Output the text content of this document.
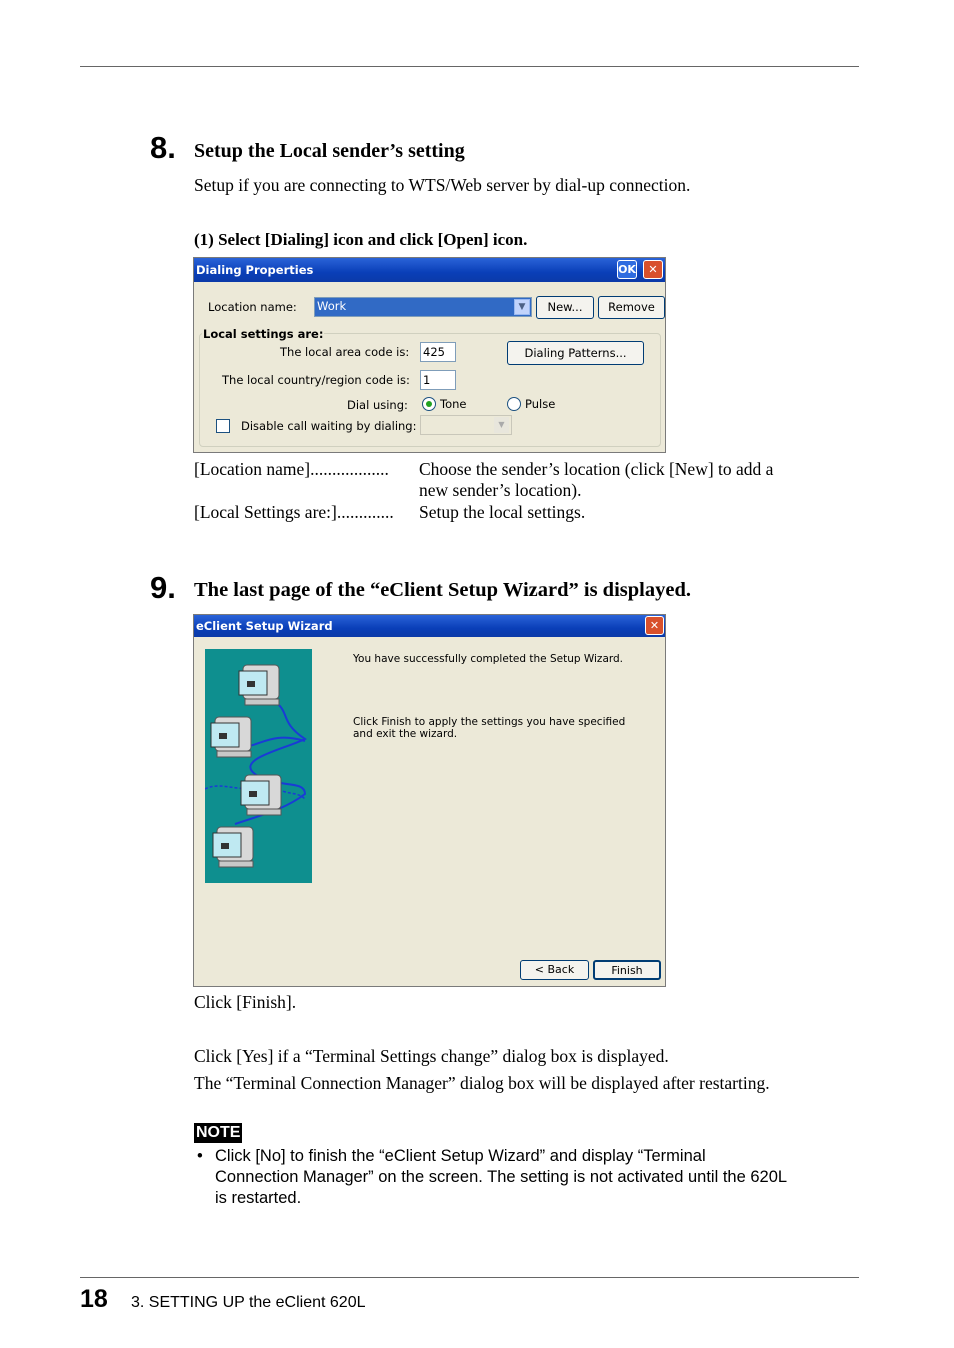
8. Setup the Local sender’s setting
Setup if you are connecting to WTS/Web server by dial-up connection.
(1) Select [Dialing] icon and click [Open] icon.
Dialing Properties	OK	✕
Location name: Work	▼	New...	Remove
Local settings are:
The local area code is: 425	Dialing Patterns...
The local country/region code is: 1
Dial using:	Tone	Pulse
Disable call waiting by dialing:	▼
[Location name].................. Choose the sender’s location (click [New] to add a
new sender’s location).
[Local Settings are:]............. Setup the local settings.
9. The last page of the “eClient Setup Wizard” is displayed.
eClient Setup Wizard	✕
You have successfully completed the Setup Wizard.
Click Finish to apply the settings you have specified
and exit the wizard.
< Back	Finish
Click [Finish].
Click [Yes] if a “Terminal Settings change” dialog box is displayed.
The “Terminal Connection Manager” dialog box will be displayed after restarting.
NOTE
• Click [No] to finish the “eClient Setup Wizard” and display “Terminal
Connection Manager” on the screen. The setting is not activated until the 620L
is restarted.
18 3. SETTING UP the eClient 620L
